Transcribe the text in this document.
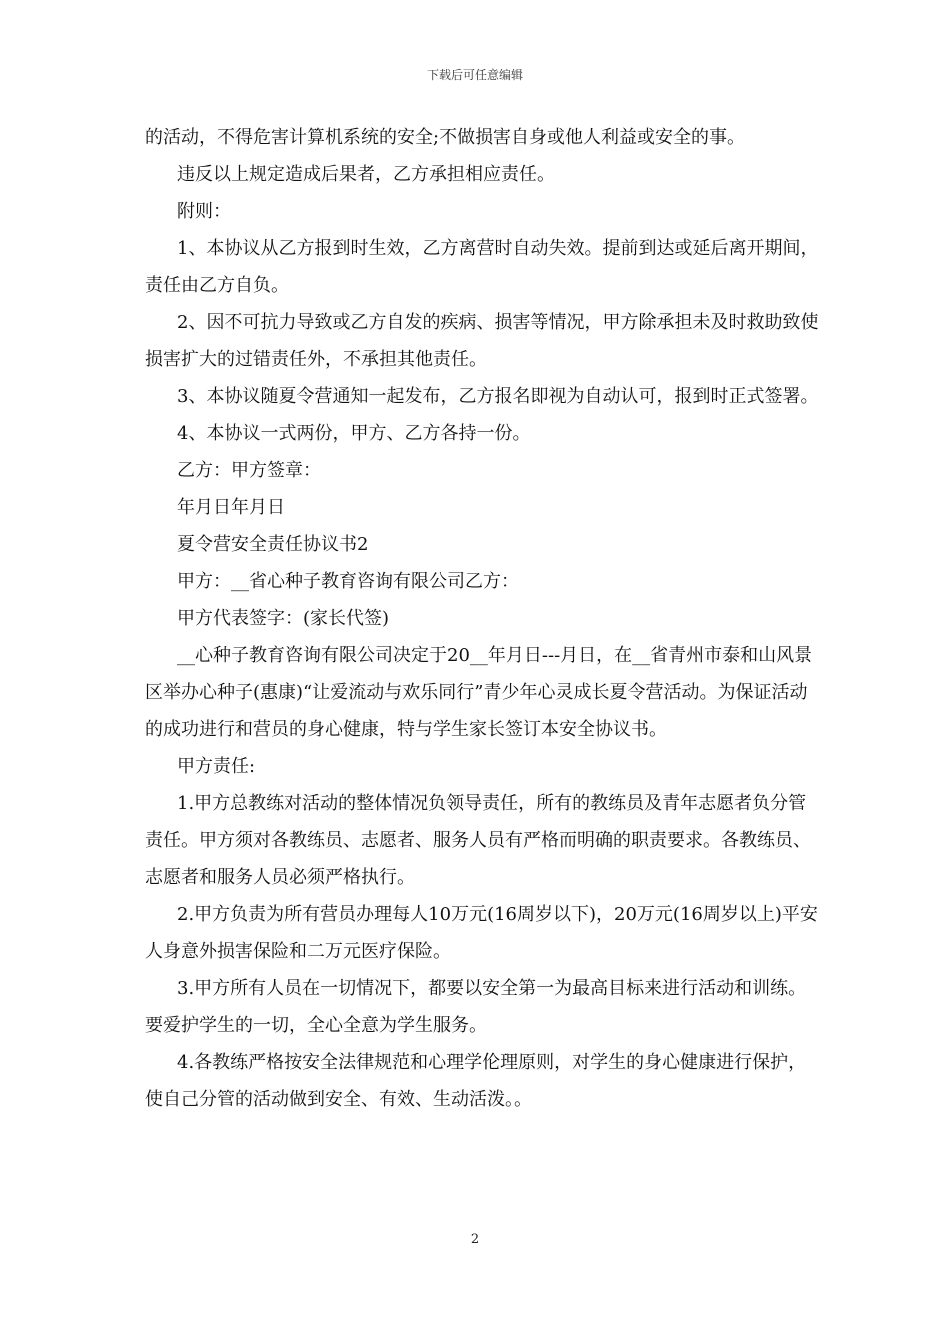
下载后可任意编辑

的活动，不得危害计算机系统的安全;不做损害自身或他人利益或安全的事。

违反以上规定造成后果者，乙方承担相应责任。

附则：

1、本协议从乙方报到时生效，乙方离营时自动失效。提前到达或延后离开期间，责任由乙方自负。

2、因不可抗力导致或乙方自发的疾病、损害等情况，甲方除承担未及时救助致使损害扩大的过错责任外，不承担其他责任。

3、本协议随夏令营通知一起发布，乙方报名即视为自动认可，报到时正式签署。

4、本协议一式两份，甲方、乙方各持一份。

乙方：甲方签章：

年月日年月日

夏令营安全责任协议书2

甲方：__省心种子教育咨询有限公司乙方：

甲方代表签字：(家长代签)

__心种子教育咨询有限公司决定于20__年月日---月日，在__省青州市泰和山风景区举办心种子(惠康)“让爱流动与欢乐同行”青少年心灵成长夏令营活动。为保证活动的成功进行和营员的身心健康，特与学生家长签订本安全协议书。

甲方责任:

1.甲方总教练对活动的整体情况负领导责任，所有的教练员及青年志愿者负分管责任。甲方须对各教练员、志愿者、服务人员有严格而明确的职责要求。各教练员、志愿者和服务人员必须严格执行。

2.甲方负责为所有营员办理每人10万元(16周岁以下)，20万元(16周岁以上)平安人身意外损害保险和二万元医疗保险。

3.甲方所有人员在一切情况下，都要以安全第一为最高目标来进行活动和训练。要爱护学生的一切，全心全意为学生服务。

4.各教练严格按安全法律规范和心理学伦理原则，对学生的身心健康进行保护，使自己分管的活动做到安全、有效、生动活泼。。

2
